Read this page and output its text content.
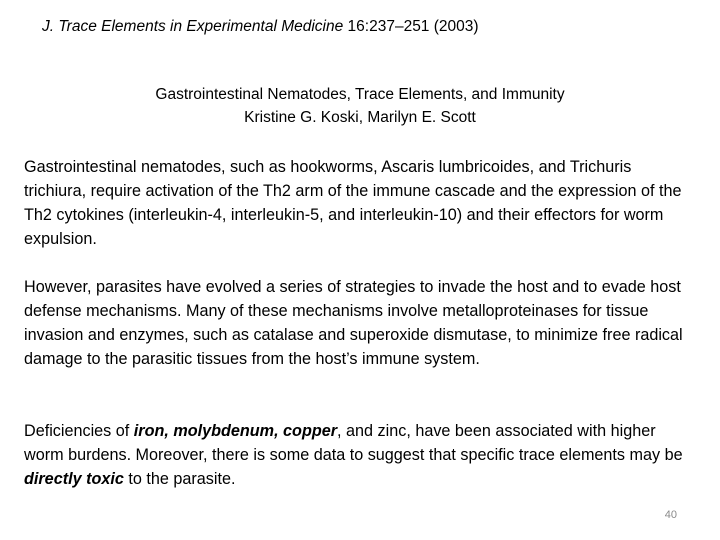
J. Trace Elements in Experimental Medicine 16:237–251 (2003)
Gastrointestinal Nematodes, Trace Elements, and Immunity
Kristine G. Koski, Marilyn E. Scott

Gastrointestinal nematodes, such as hookworms, Ascaris lumbricoides, and Trichuris trichiura, require activation of the Th2 arm of the immune cascade and the expression of the Th2 cytokines (interleukin-4, interleukin-5, and interleukin-10) and their effectors for worm expulsion.

However, parasites have evolved a series of strategies to invade the host and to evade host defense mechanisms. Many of these mechanisms involve metalloproteinases for tissue invasion and enzymes, such as catalase and superoxide dismutase, to minimize free radical damage to the parasitic tissues from the host’s immune system.

Deficiencies of iron, molybdenum, copper, and zinc, have been associated with higher worm burdens. Moreover, there is some data to suggest that specific trace elements may be directly toxic to the parasite.

40
